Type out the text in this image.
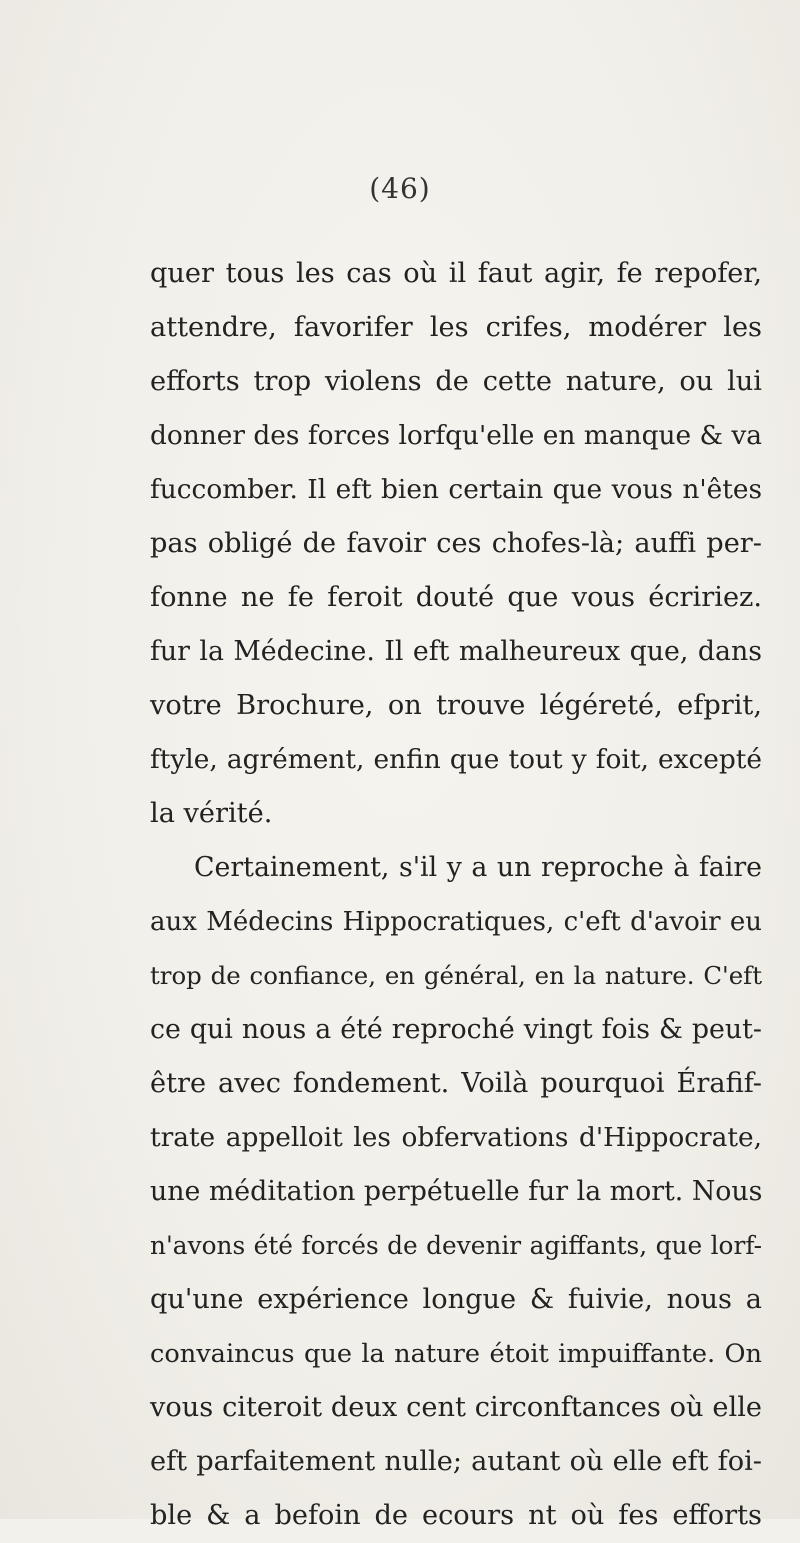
(46)
quer tous les cas où il faut agir, fe repofer,
attendre, favorifer les crifes, modérer les
efforts trop violens de cette nature, ou lui
donner des forces lorfqu'elle en manque & va
fuccomber. Il eft bien certain que vous n'êtes
pas obligé de favoir ces chofes-là; auffi per-
fonne ne fe feroit douté que vous écririez.
fur la Médecine. Il eft malheureux que, dans
votre Brochure, on trouve légéreté, efprit,
ftyle, agrément, enfin que tout y foit, excepté
la vérité.
Certainement, s'il y a un reproche à faire
aux Médecins Hippocratiques, c'eft d'avoir eu
trop de confiance, en général, en la nature. C'eft
ce qui nous a été reproché vingt fois & peut-
être avec fondement. Voilà pourquoi Érafif-
trate appelloit les obfervations d'Hippocrate,
une méditation perpétuelle fur la mort. Nous
n'avons été forcés de devenir agiffants, que lorf-
qu'une expérience longue & fuivie, nous a
convaincus que la nature étoit impuiffante. On
vous citeroit deux cent circonftances où elle
eft parfaitement nulle; autant où elle eft foi-
ble & a befoin de ecours nt où fes efforts
